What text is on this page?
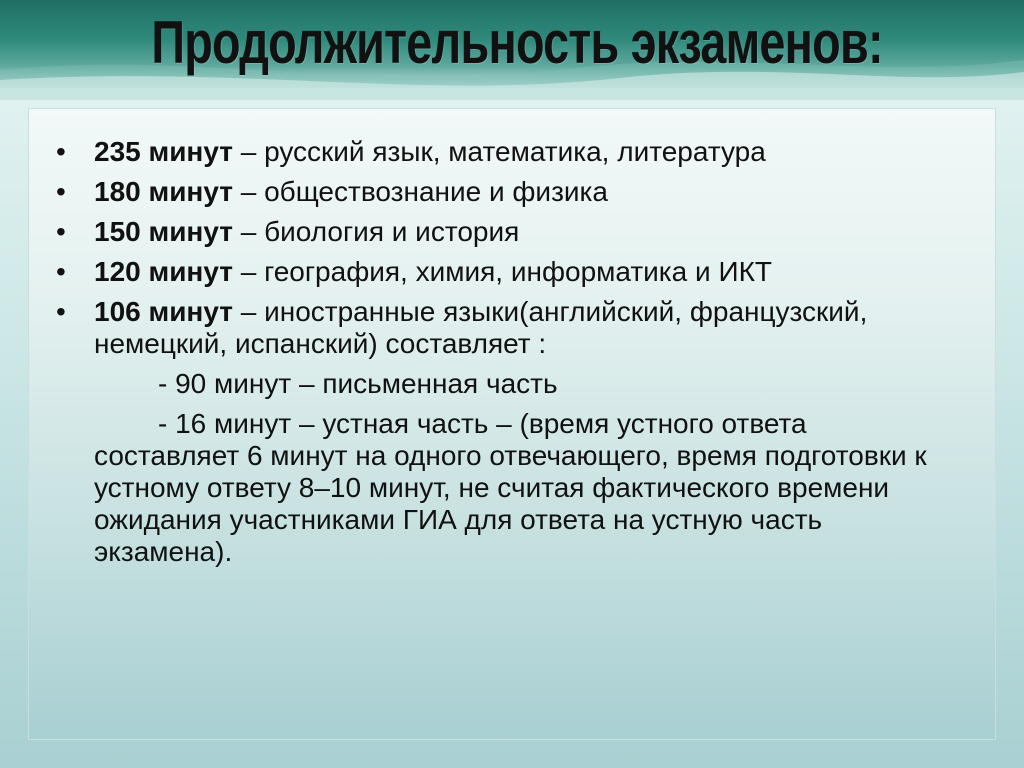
Продолжительность экзаменов:
• 235 минут – русский язык, математика, литература
• 180 минут – обществознание и физика
• 150 минут – биология и история
• 120 минут – география, химия, информатика и ИКТ
• 106 минут – иностранные языки(английский, французский, немецкий, испанский) составляет :
- 90 минут – письменная часть
- 16 минут – устная часть – (время устного ответа составляет 6 минут на одного отвечающего, время подготовки к устному ответу 8–10 минут, не считая фактического времени ожидания участниками ГИА для ответа на устную часть экзамена).
